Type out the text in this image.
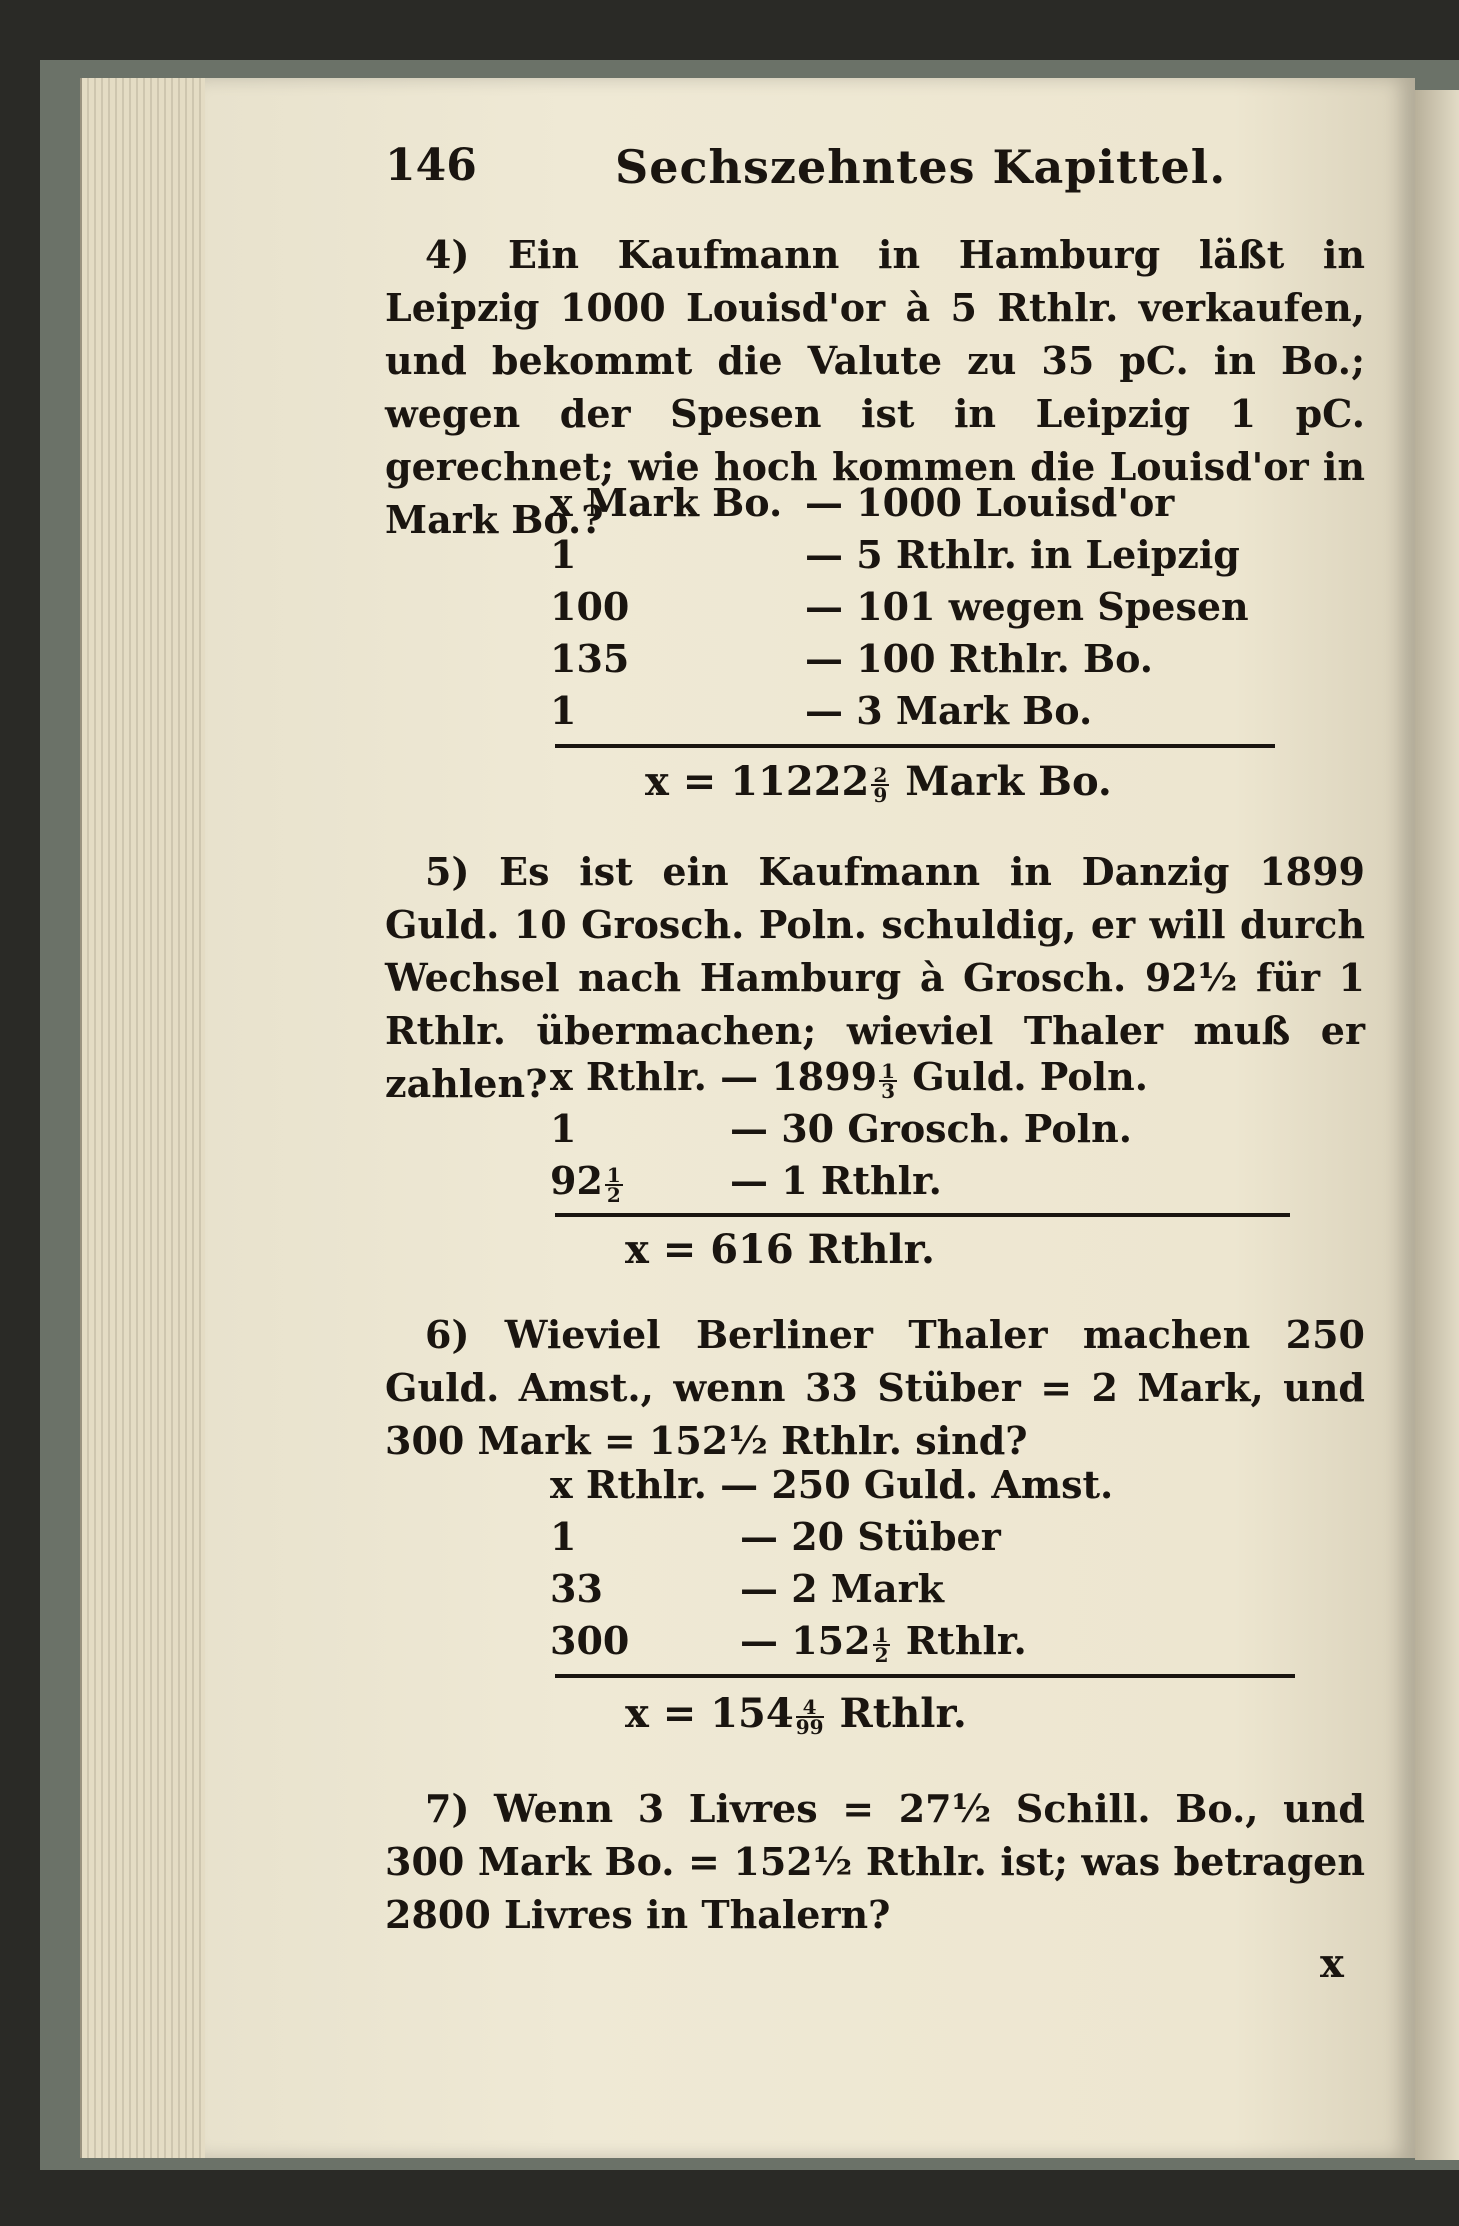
146	Sechszehntes Kapittel.

4) Ein Kaufmann in Hamburg läßt in Leipzig 1000 Louisd'or à 5 Rthlr. verkaufen, und bekommt die Valute zu 35 pC. in Bo.; wegen der Spesen ist in Leipzig 1 pC. gerechnet; wie hoch kommen die Louisd'or in Mark Bo.?

x Mark Bo. — 1000 Louisd'or
1	— 5 Rthlr. in Leipzig
100	— 101 wegen Spesen
135	— 100 Rthlr. Bo.
1	— 3 Mark Bo.
$x = 11222 \frac{2}{9}$ Mark Bo.

5) Es ist ein Kaufmann in Danzig 1899 Guld. 10 Grosch. Poln. schuldig, er will durch Wechsel nach Hamburg à Grosch. 92½ für 1 Rthlr. übermachen; wieviel Thaler muß er zahlen? x Rthlr. — $1899 \frac{1}{3}$ Guld. Poln.
1	— 30 Grosch. Poln.
$92 \frac{1}{2}$	— 1 Rthlr.
x = 616 Rthlr.

6) Wieviel Berliner Thaler machen 250 Guld. Amst., wenn 33 Stüber = 2 Mark, und 300 Mark = 152½ Rthlr. sind?

x Rthlr. — 250 Guld. Amst.
1	— 20 Stüber
33	— 2 Mark
300	— $152 \frac{1}{2}$ Rthlr.
$x = 154 \frac{4}{99}$ Rthlr.

7) Wenn 3 Livres = 27½ Schill. Bo., und 300 Mark Bo. = 152½ Rthlr. ist; was betragen 2800 Livres in Thalern?

x
